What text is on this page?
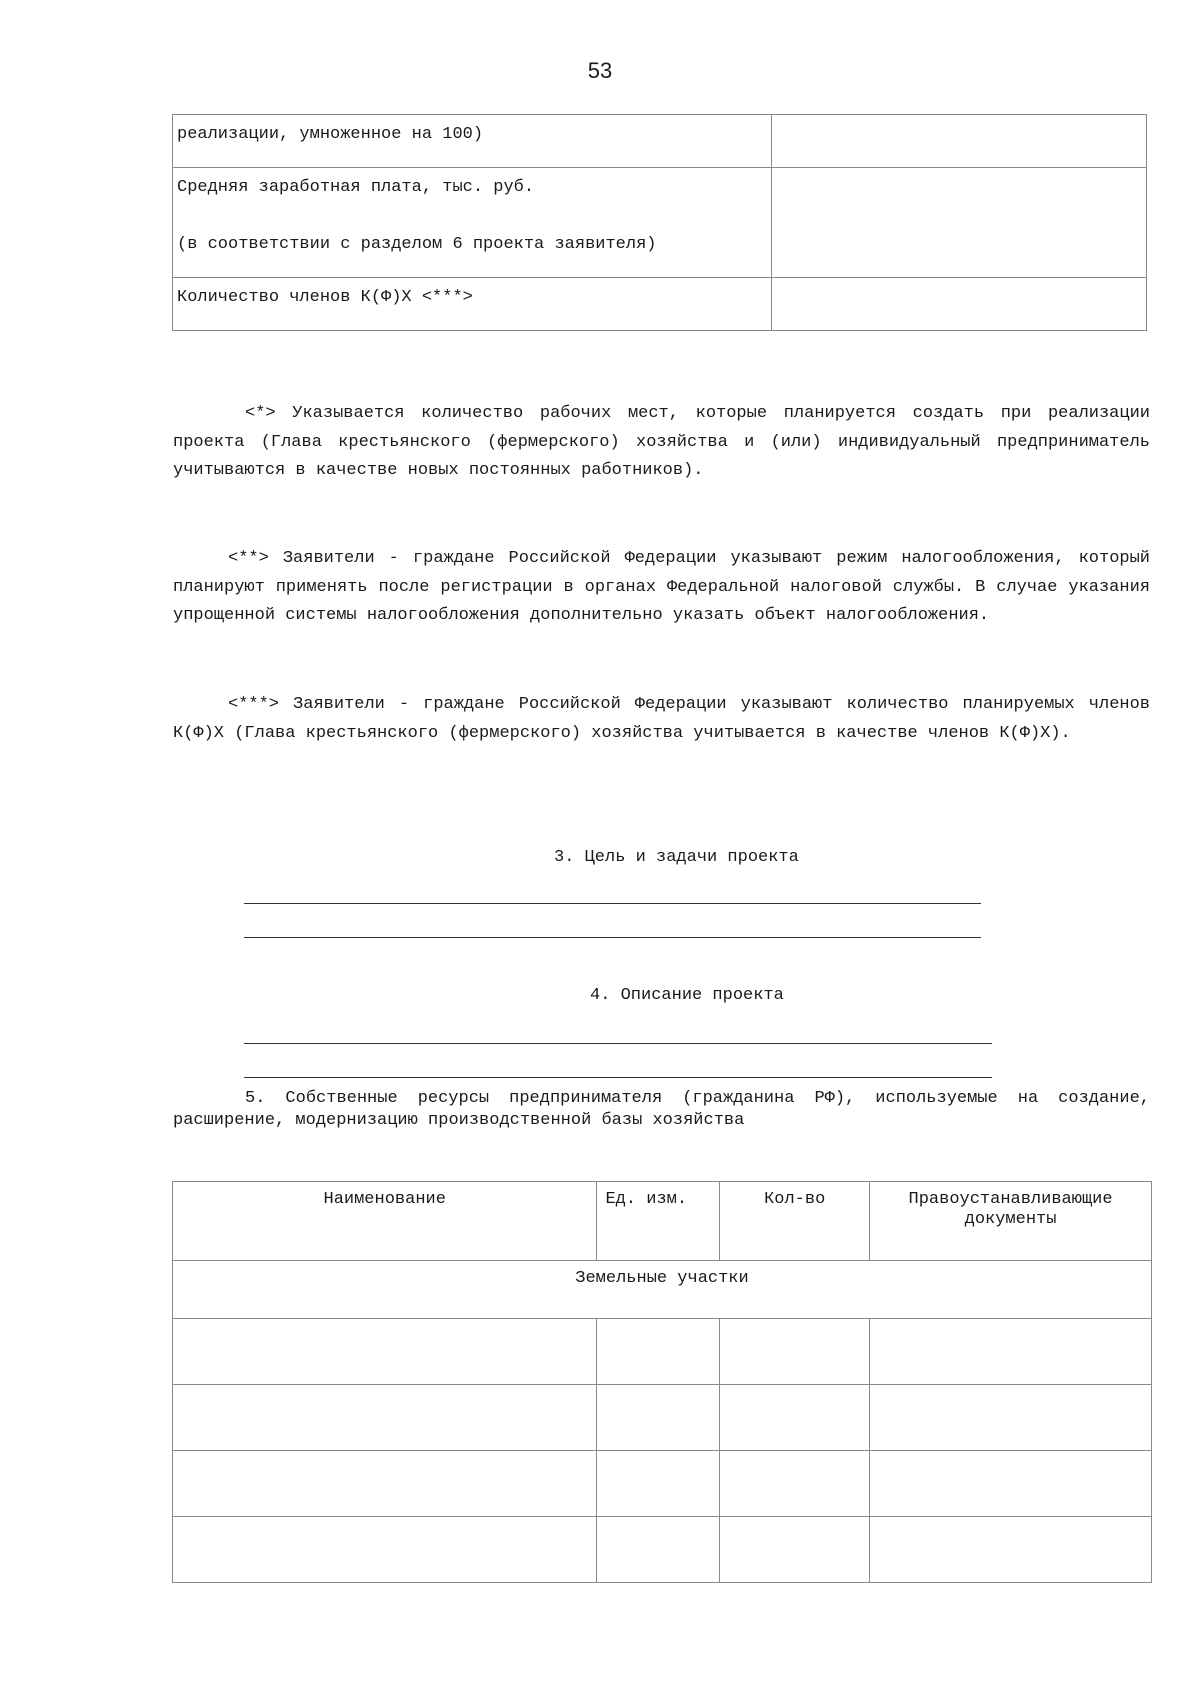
53
реализации, умноженное на 100)	
Средняя заработная плата, тыс. руб.
(в соответствии с разделом 6 проекта заявителя)	
Количество членов К(Ф)Х <***>	

<*> Указывается количество рабочих мест, которые планируется создать при реализации проекта (Глава крестьянского (фермерского) хозяйства и (или) индивидуальный предприниматель учитываются в качестве новых постоянных работников).

<**> Заявители - граждане Российской Федерации указывают режим налогообложения, который планируют применять после регистрации в органах Федеральной налоговой службы. В случае указания упрощенной системы налогообложения дополнительно указать объект налогообложения.

<***> Заявители - граждане Российской Федерации указывают количество планируемых членов К(Ф)Х (Глава крестьянского (фермерского) хозяйства учитывается в качестве членов К(Ф)Х).

3. Цель и задачи проекта

4. Описание проекта

5. Собственные ресурсы предпринимателя (гражданина РФ), используемые на создание, расширение, модернизацию производственной базы хозяйства

Наименование	Ед. изм.	Кол-во	Правоустанавливающие документы
Земельные участки			
